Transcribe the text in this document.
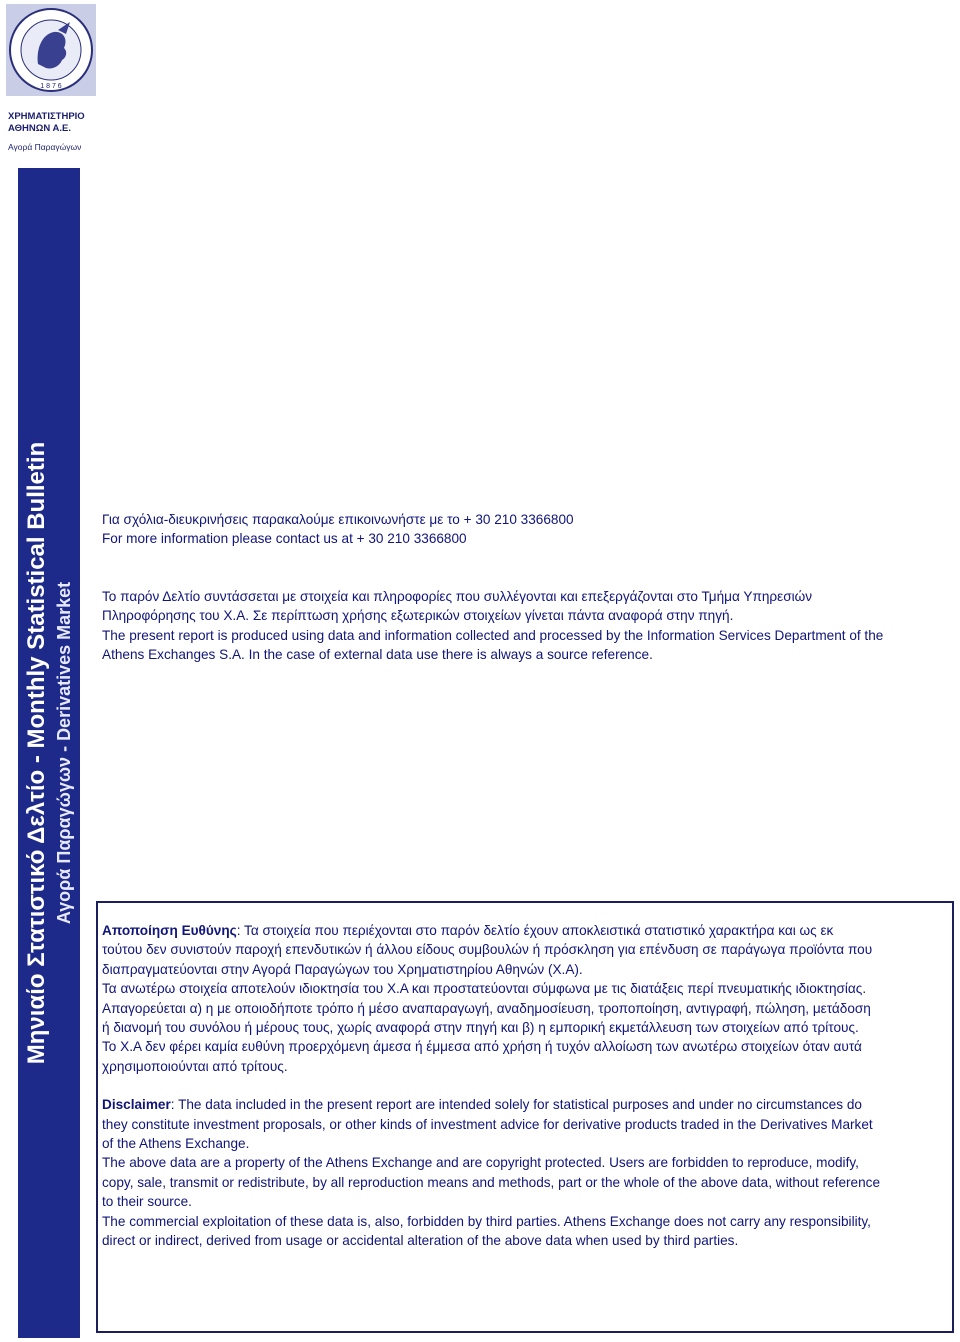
1 8 7 6
ΧΡΗΜΑΤΙΣΤΗΡΙΟ
ΑΘΗΝΩΝ Α.Ε.
Αγορά Παραγώγων
Μηνιαίο Στατιστικό Δελτίο - Monthly Statistical Bulletin Αγορά Παραγώγων - Derivatives Market

Για σχόλια-διευκρινήσεις παρακαλούμε επικοινωνήστε με το + 30 210 3366800

For more information please contact us at + 30 210 3366800

Το παρόν Δελτίο συντάσσεται με στοιχεία και πληροφορίες που συλλέγονται και επεξεργάζονται στο Τμήμα Υπηρεσιών

Πληροφόρησης του Χ.Α. Σε περίπτωση χρήσης εξωτερικών στοιχείων γίνεται πάντα αναφορά στην πηγή.

The present report is produced using data and information collected and processed by the Information Services Department of the

Athens Exchanges S.A. In the case of external data use there is always a source reference.

Αποποίηση Ευθύνης: Τα στοιχεία που περιέχονται στο παρόν δελτίο έχουν αποκλειστικά στατιστικό χαρακτήρα και ως εκ

τούτου δεν συνιστούν παροχή επενδυτικών ή άλλου είδους συμβουλών ή πρόσκληση για επένδυση σε παράγωγα προϊόντα που

διαπραγματεύονται στην Αγορά Παραγώγων του Χρηματιστηρίου Αθηνών (Χ.Α).

Τα ανωτέρω στοιχεία αποτελούν ιδιοκτησία του Χ.Α και προστατεύονται σύμφωνα με τις διατάξεις περί πνευματικής ιδιοκτησίας.

Απαγορεύεται α) η με οποιοδήποτε τρόπο ή μέσο αναπαραγωγή, αναδημοσίευση, τροποποίηση, αντιγραφή, πώληση, μετάδοση

ή διανομή του συνόλου ή μέρους τους, χωρίς αναφορά στην πηγή και β) η εμπορική εκμετάλλευση των στοιχείων από τρίτους.

Το Χ.Α δεν φέρει καμία ευθύνη προερχόμενη άμεσα ή έμμεσα από χρήση ή τυχόν αλλοίωση των ανωτέρω στοιχείων όταν αυτά

χρησιμοποιούνται από τρίτους.

Disclaimer: The data included in the present report are intended solely for statistical purposes and under no circumstances do

they constitute investment proposals, or other kinds of investment advice for derivative products traded in the Derivatives Market

of the Athens Exchange.

The above data are a property of the Athens Exchange and are copyright protected. Users are forbidden to reproduce, modify,

copy, sale, transmit or redistribute, by all reproduction means and methods, part or the whole of the above data, without reference

to their source.

The commercial exploitation of these data is, also, forbidden by third parties. Athens Exchange does not carry any responsibility,

direct or indirect, derived from usage or accidental alteration of the above data when used by third parties.
